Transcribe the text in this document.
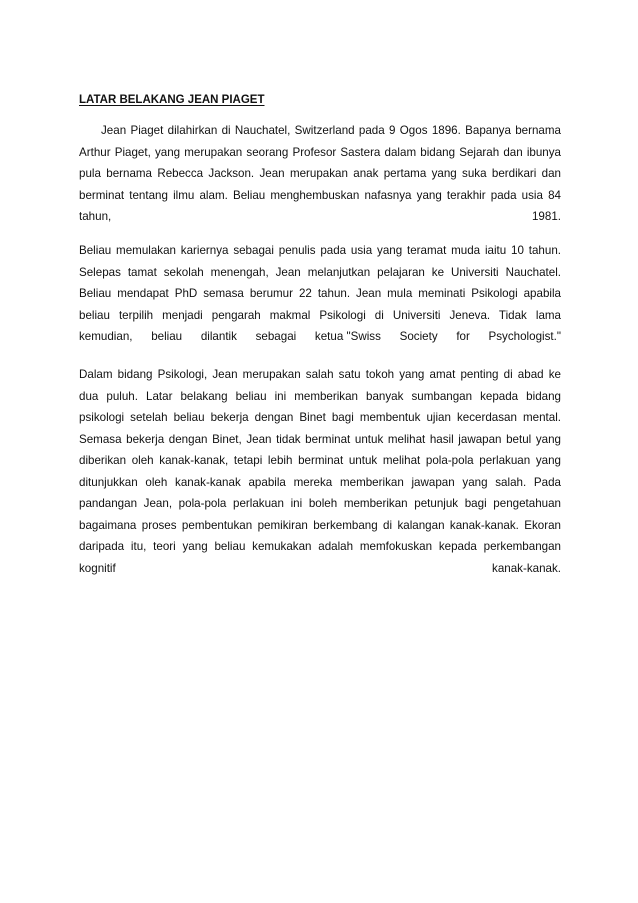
LATAR BELAKANG JEAN PIAGET
Jean Piaget dilahirkan di Nauchatel, Switzerland pada 9 Ogos 1896. Bapanya bernama
Arthur Piaget, yang merupakan seorang Profesor Sastera dalam bidang Sejarah dan ibunya
pula bernama Rebecca Jackson. Jean merupakan anak pertama yang suka berdikari dan
berminat tentang ilmu alam. Beliau menghembuskan nafasnya yang terakhir pada usia 84
tahun,	1981.
Beliau memulakan kariernya sebagai penulis pada usia yang teramat muda iaitu 10 tahun.
Selepas tamat sekolah menengah, Jean melanjutkan pelajaran ke Universiti Nauchatel.
Beliau mendapat PhD semasa berumur 22 tahun. Jean mula meminati Psikologi apabila
beliau terpilih menjadi pengarah makmal Psikologi di Universiti Jeneva. Tidak lama
kemudian, beliau dilantik sebagai ketua "Swiss Society for Psychologist."
Dalam bidang Psikologi, Jean merupakan salah satu tokoh yang amat penting di abad ke
dua puluh. Latar belakang beliau ini memberikan banyak sumbangan kepada bidang
psikologi setelah beliau bekerja dengan Binet bagi membentuk ujian kecerdasan mental.
Semasa bekerja dengan Binet, Jean tidak berminat untuk melihat hasil jawapan betul yang
diberikan oleh kanak-kanak, tetapi lebih berminat untuk melihat pola-pola perlakuan yang
ditunjukkan oleh kanak-kanak apabila mereka memberikan jawapan yang salah. Pada
pandangan Jean, pola-pola perlakuan ini boleh memberikan petunjuk bagi pengetahuan
bagaimana proses pembentukan pemikiran berkembang di kalangan kanak-kanak. Ekoran
daripada itu, teori yang beliau kemukakan adalah memfokuskan kepada perkembangan
kognitif	kanak-kanak.
